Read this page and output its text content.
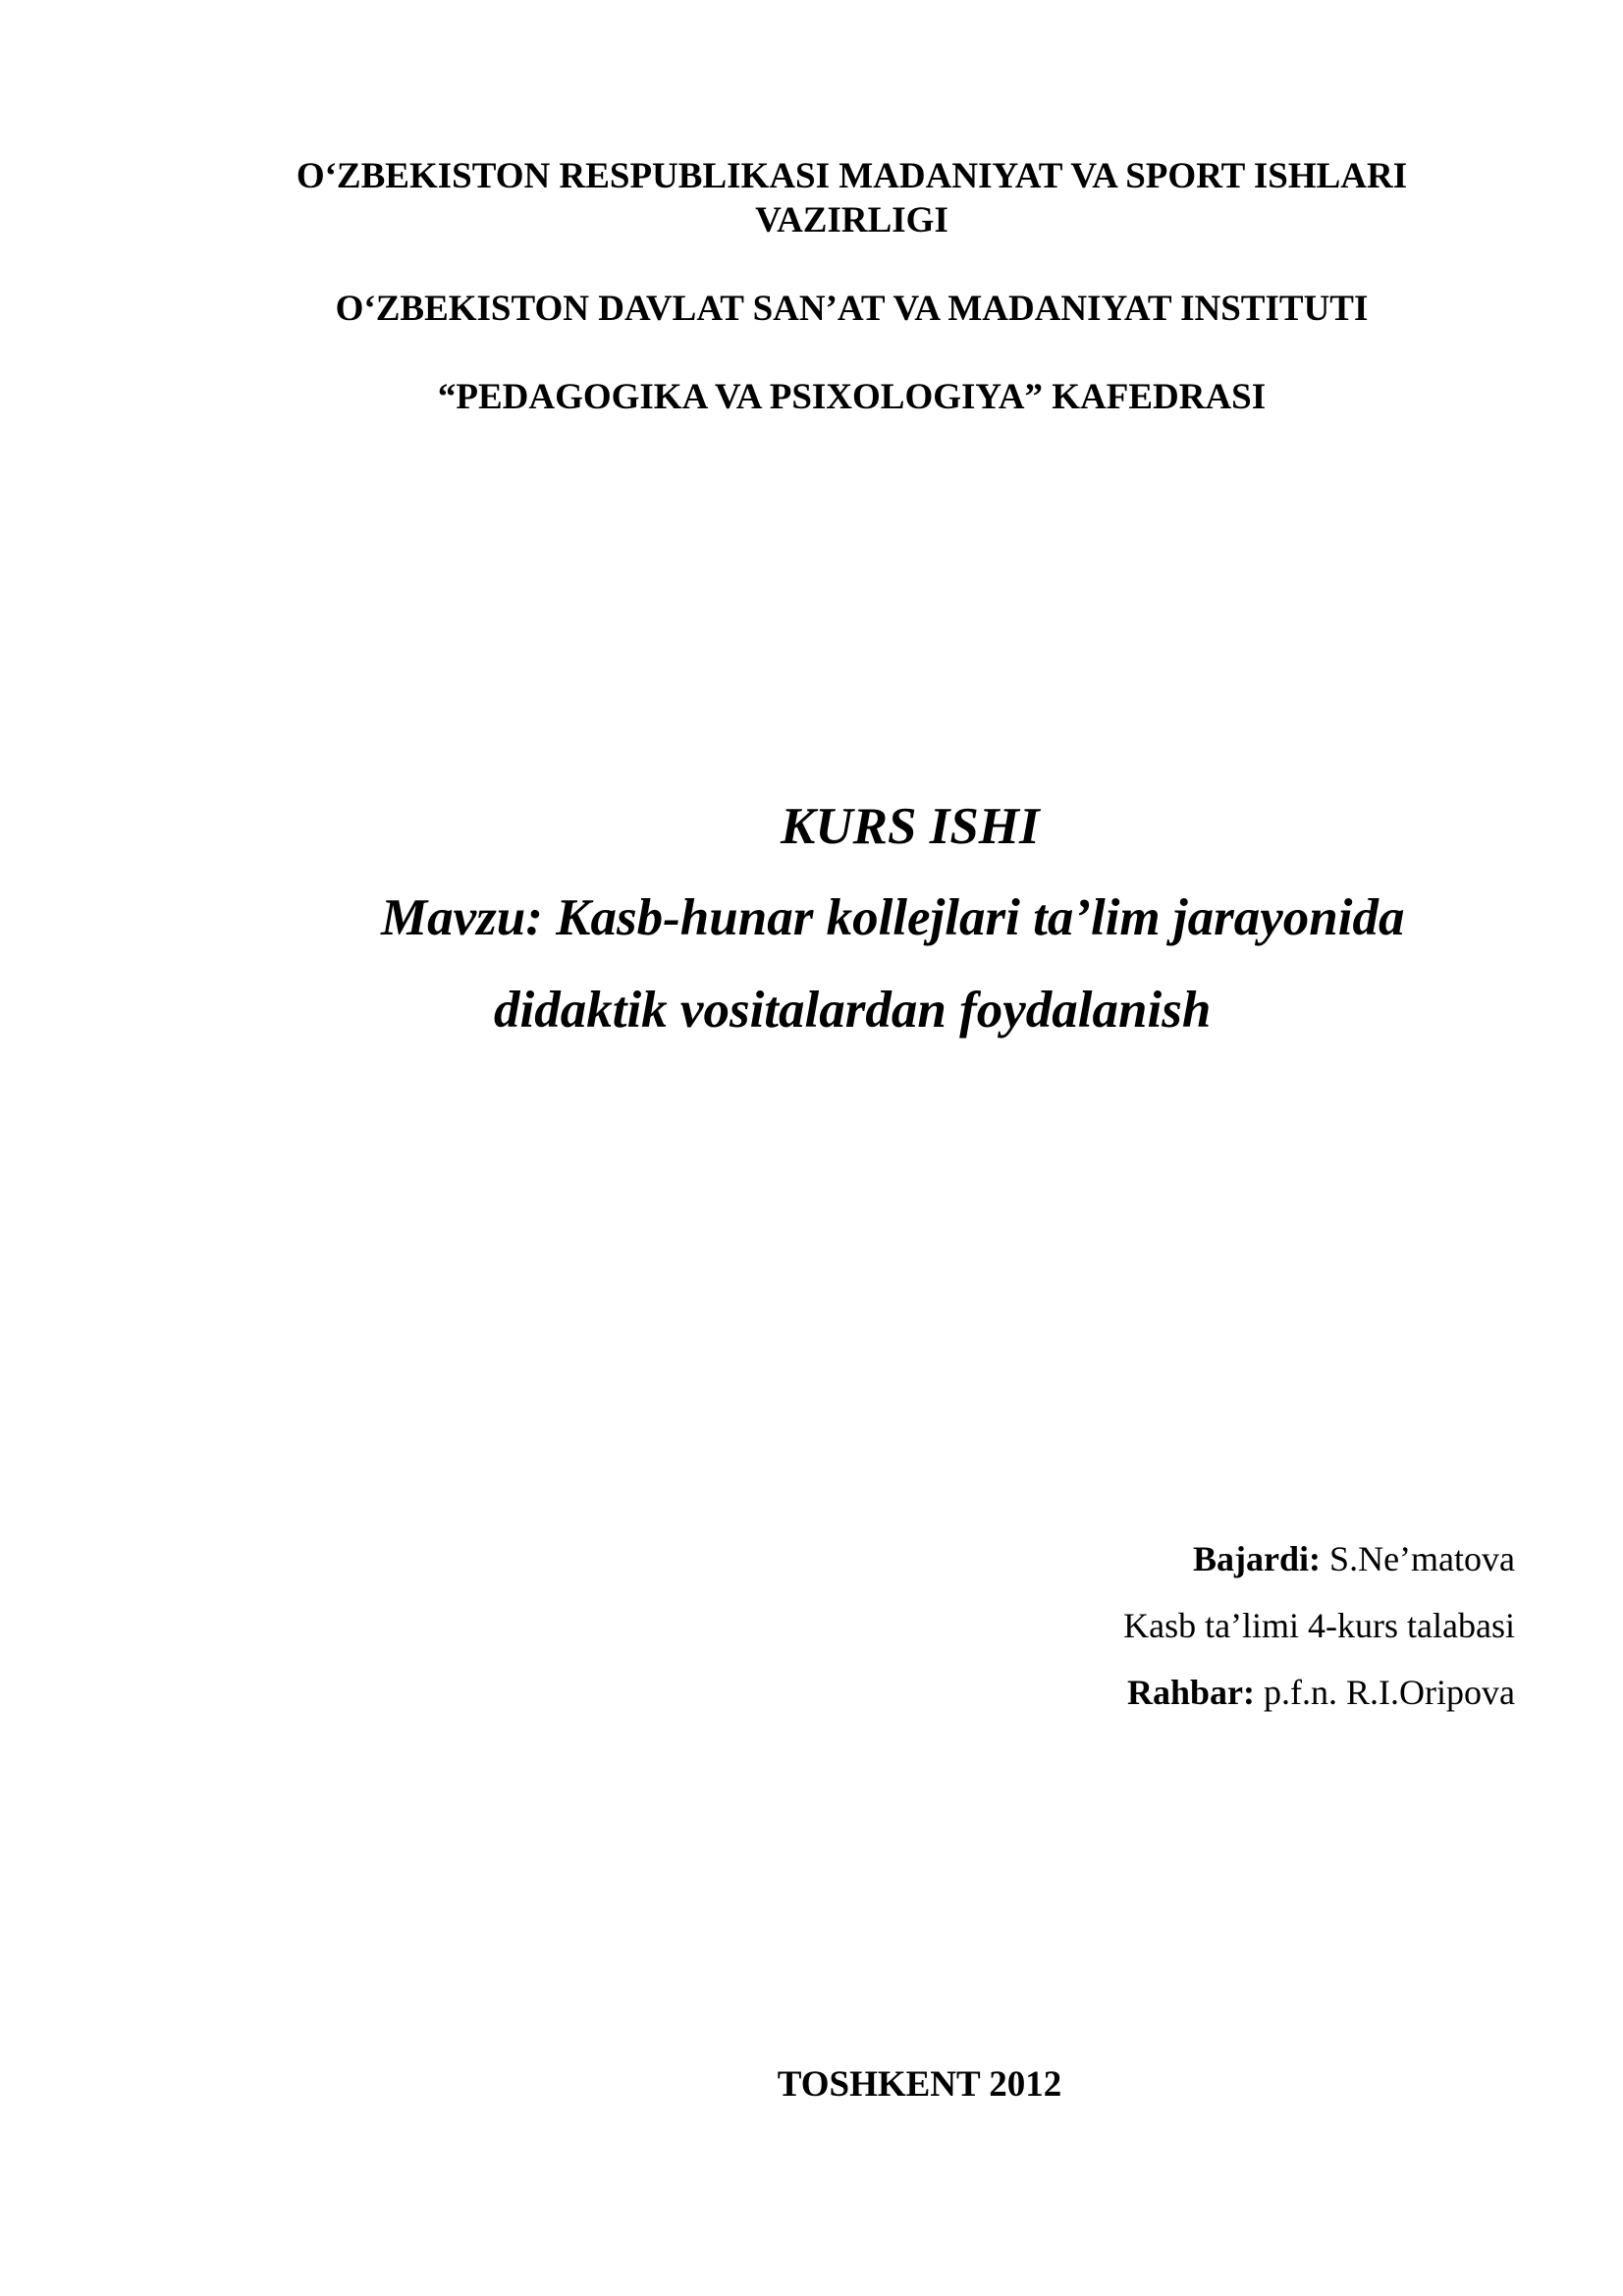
O‘ZBEKISTON RESPUBLIKASI MADANIYAT VA SPORT ISHLARI
VAZIRLIGI
O‘ZBEKISTON DAVLAT SAN’AT VA MADANIYAT INSTITUTI
“PEDAGOGIKA VA PSIXOLOGIYA” KAFEDRASI
KURS ISHI
Mavzu: Kasb-hunar kollejlari ta’lim jarayonida
didaktik vositalardan foydalanish
Bajardi: S.Ne’matova
Kasb ta’limi 4-kurs talabasi
Rahbar: p.f.n. R.I.Oripova
TOSHKENT 2012
